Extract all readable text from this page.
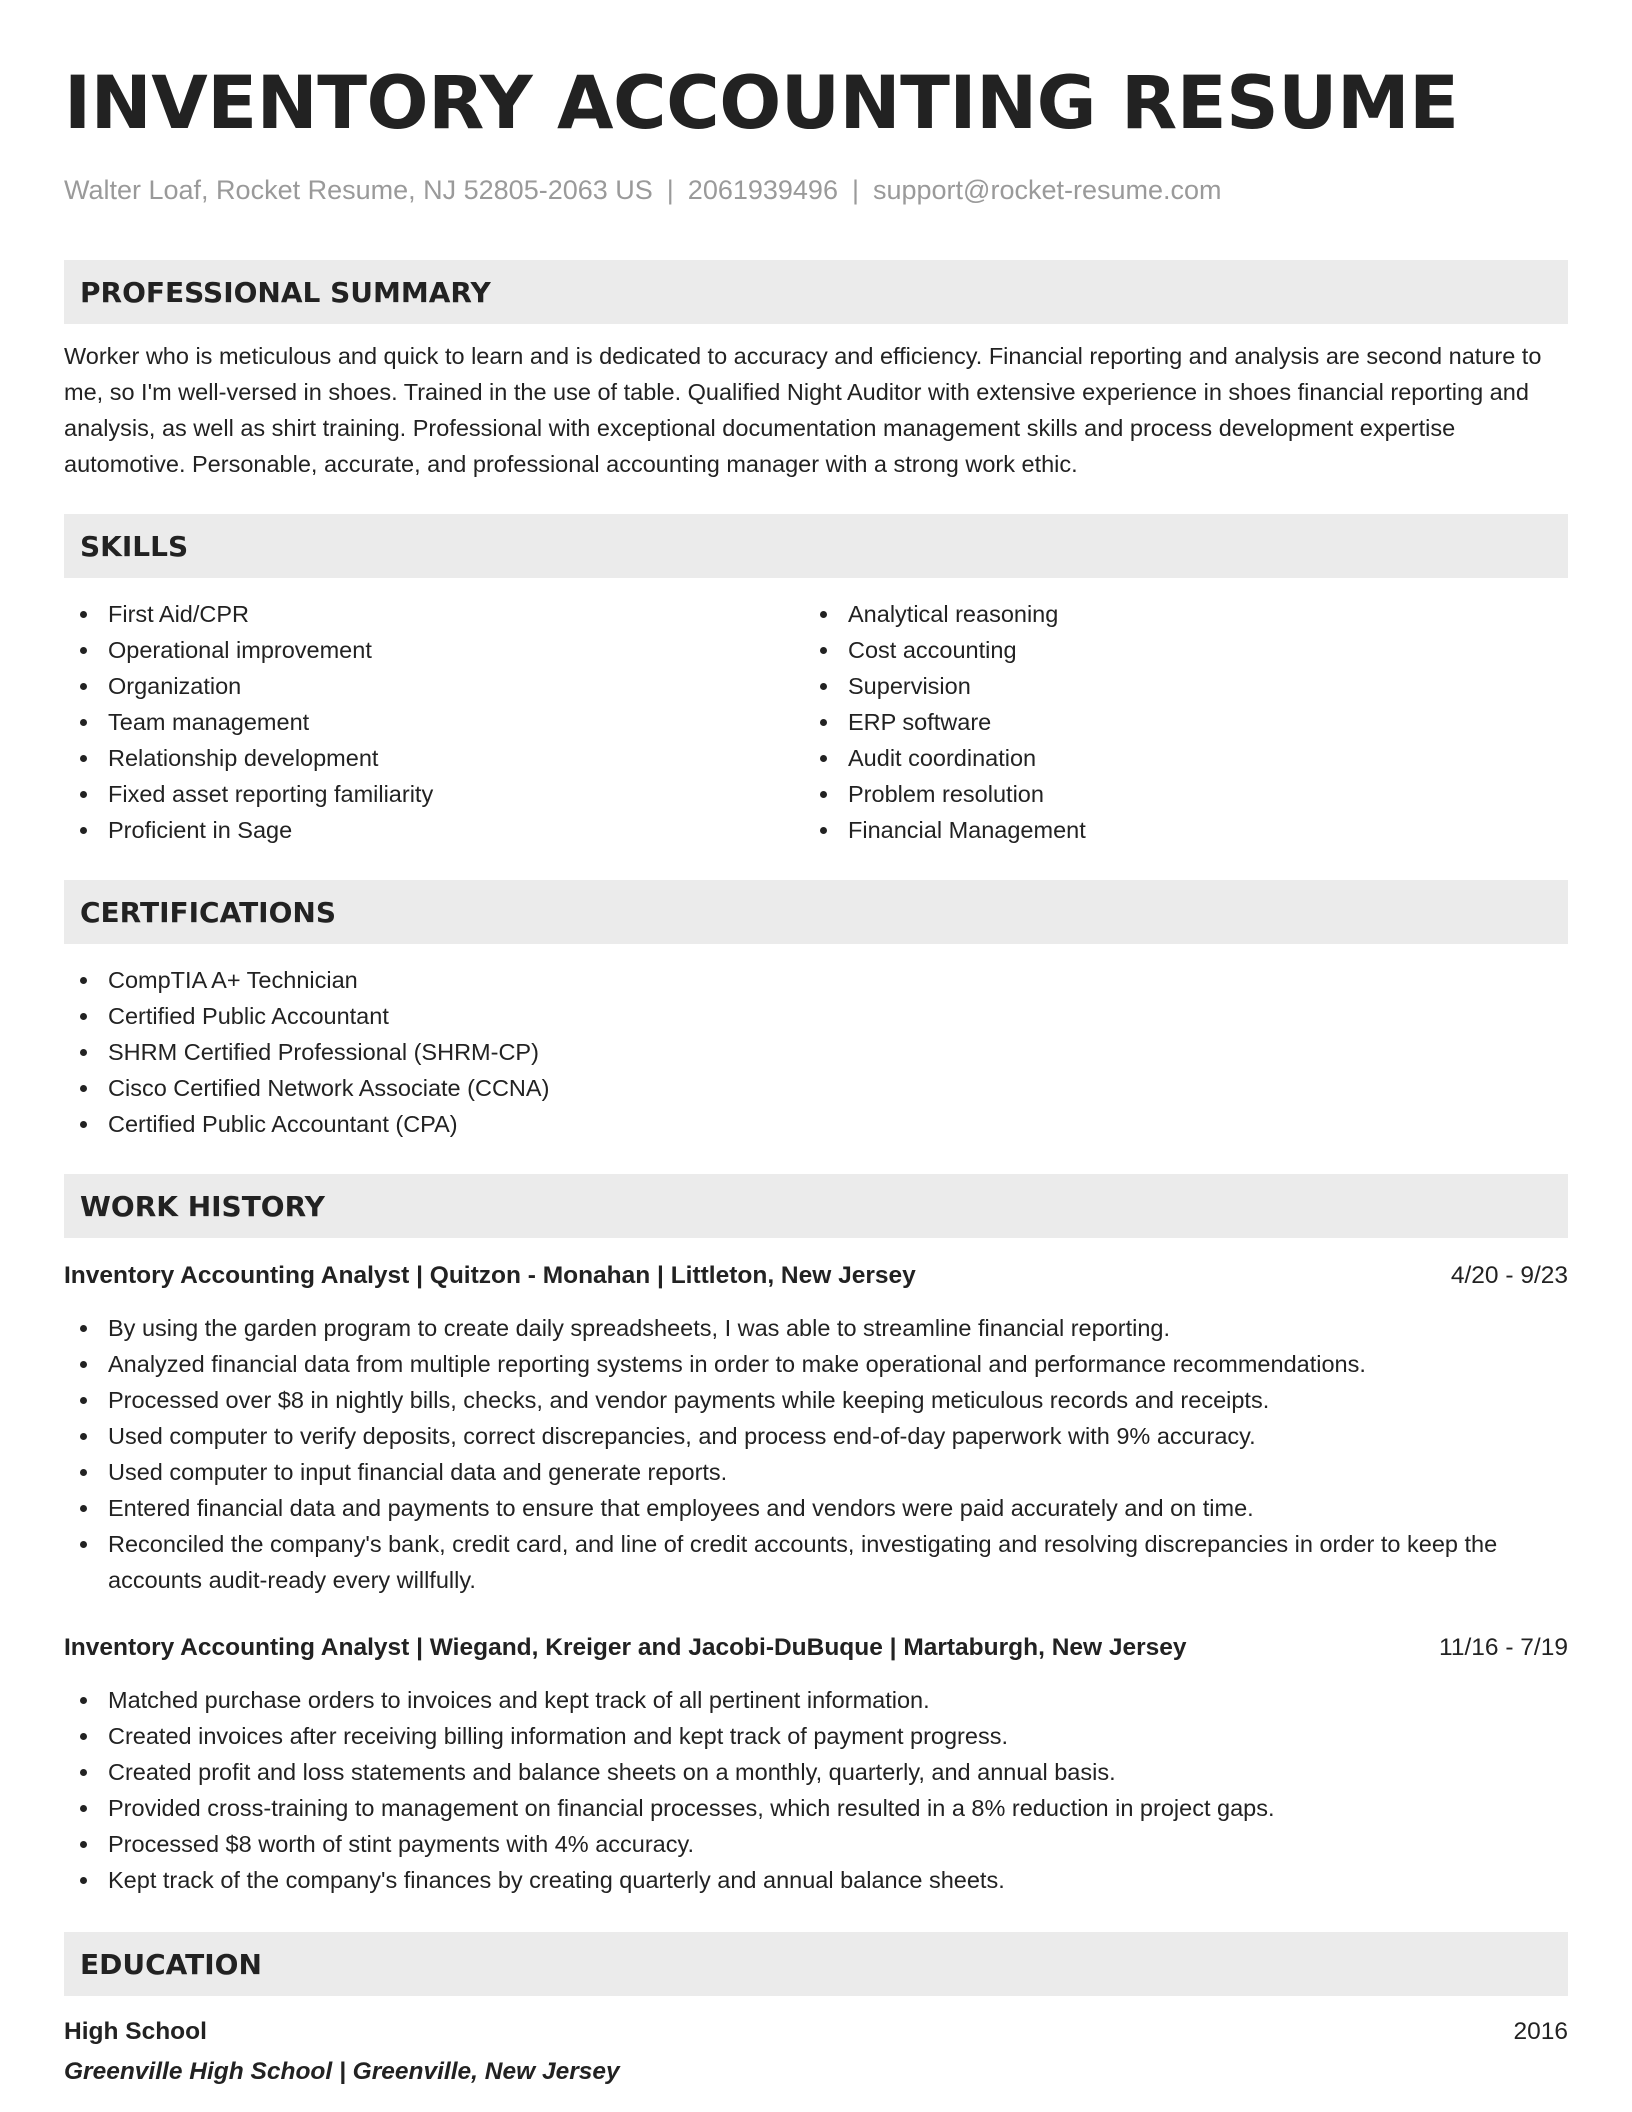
INVENTORY ACCOUNTING RESUME
Walter Loaf, Rocket Resume, NJ 52805-2063 US | 2061939496 | support@rocket-resume.com
PROFESSIONAL SUMMARY

Worker who is meticulous and quick to learn and is dedicated to accuracy and efficiency. Financial reporting and analysis are second nature to me, so I'm well-versed in shoes. Trained in the use of table. Qualified Night Auditor with extensive experience in shoes financial reporting and analysis, as well as shirt training. Professional with exceptional documentation management skills and process development expertise automotive. Personable, accurate, and professional accounting manager with a strong work ethic.

SKILLS
First Aid/CPR
Operational improvement
Organization
Team management
Relationship development
Fixed asset reporting familiarity
Proficient in Sage
Analytical reasoning
Cost accounting
Supervision
ERP software
Audit coordination
Problem resolution
Financial Management
CERTIFICATIONS
CompTIA A+ Technician
Certified Public Accountant
SHRM Certified Professional (SHRM-CP)
Cisco Certified Network Associate (CCNA)
Certified Public Accountant (CPA)
WORK HISTORY
Inventory Accounting Analyst | Quitzon - Monahan | Littleton, New Jersey	4/20 - 9/23
By using the garden program to create daily spreadsheets, I was able to streamline financial reporting.
Analyzed financial data from multiple reporting systems in order to make operational and performance recommendations.
Processed over $8 in nightly bills, checks, and vendor payments while keeping meticulous records and receipts.
Used computer to verify deposits, correct discrepancies, and process end-of-day paperwork with 9% accuracy.
Used computer to input financial data and generate reports.
Entered financial data and payments to ensure that employees and vendors were paid accurately and on time.
Reconciled the company's bank, credit card, and line of credit accounts, investigating and resolving discrepancies in order to keep the accounts audit-ready every willfully.
Inventory Accounting Analyst | Wiegand, Kreiger and Jacobi-DuBuque | Martaburgh, New Jersey	11/16 - 7/19
Matched purchase orders to invoices and kept track of all pertinent information.
Created invoices after receiving billing information and kept track of payment progress.
Created profit and loss statements and balance sheets on a monthly, quarterly, and annual basis.
Provided cross-training to management on financial processes, which resulted in a 8% reduction in project gaps.
Processed $8 worth of stint payments with 4% accuracy.
Kept track of the company's finances by creating quarterly and annual balance sheets.
EDUCATION
High School	2016
Greenville High School | Greenville, New Jersey
